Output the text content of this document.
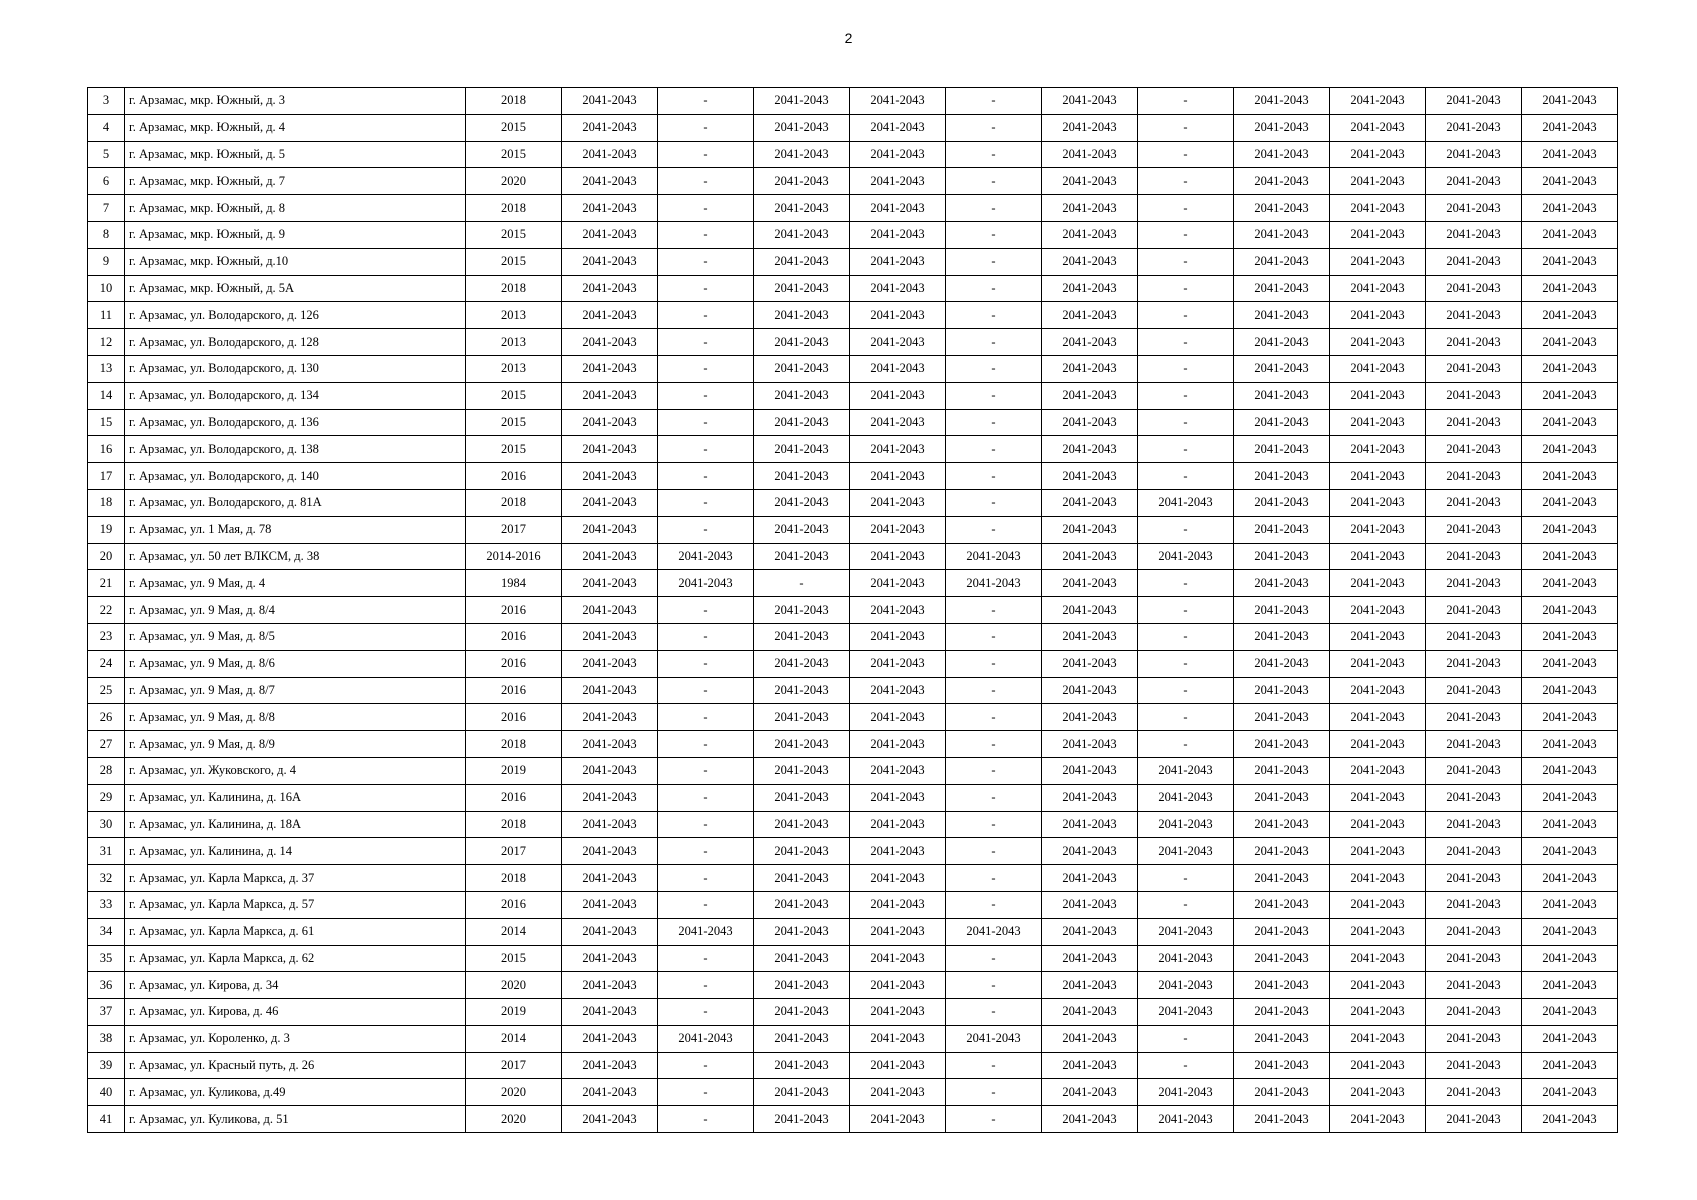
2
3	г. Арзамас, мкр. Южный, д. 3	2018	2041-2043	-	2041-2043	2041-2043	-	2041-2043	-	2041-2043	2041-2043	2041-2043	2041-2043
4	г. Арзамас, мкр. Южный, д. 4	2015	2041-2043	-	2041-2043	2041-2043	-	2041-2043	-	2041-2043	2041-2043	2041-2043	2041-2043
5	г. Арзамас, мкр. Южный, д. 5	2015	2041-2043	-	2041-2043	2041-2043	-	2041-2043	-	2041-2043	2041-2043	2041-2043	2041-2043
6	г. Арзамас, мкр. Южный, д. 7	2020	2041-2043	-	2041-2043	2041-2043	-	2041-2043	-	2041-2043	2041-2043	2041-2043	2041-2043
7	г. Арзамас, мкр. Южный, д. 8	2018	2041-2043	-	2041-2043	2041-2043	-	2041-2043	-	2041-2043	2041-2043	2041-2043	2041-2043
8	г. Арзамас, мкр. Южный, д. 9	2015	2041-2043	-	2041-2043	2041-2043	-	2041-2043	-	2041-2043	2041-2043	2041-2043	2041-2043
9	г. Арзамас, мкр. Южный, д.10	2015	2041-2043	-	2041-2043	2041-2043	-	2041-2043	-	2041-2043	2041-2043	2041-2043	2041-2043
10	г. Арзамас, мкр. Южный, д. 5А	2018	2041-2043	-	2041-2043	2041-2043	-	2041-2043	-	2041-2043	2041-2043	2041-2043	2041-2043
11	г. Арзамас, ул. Володарского, д. 126	2013	2041-2043	-	2041-2043	2041-2043	-	2041-2043	-	2041-2043	2041-2043	2041-2043	2041-2043
12	г. Арзамас, ул. Володарского, д. 128	2013	2041-2043	-	2041-2043	2041-2043	-	2041-2043	-	2041-2043	2041-2043	2041-2043	2041-2043
13	г. Арзамас, ул. Володарского, д. 130	2013	2041-2043	-	2041-2043	2041-2043	-	2041-2043	-	2041-2043	2041-2043	2041-2043	2041-2043
14	г. Арзамас, ул. Володарского, д. 134	2015	2041-2043	-	2041-2043	2041-2043	-	2041-2043	-	2041-2043	2041-2043	2041-2043	2041-2043
15	г. Арзамас, ул. Володарского, д. 136	2015	2041-2043	-	2041-2043	2041-2043	-	2041-2043	-	2041-2043	2041-2043	2041-2043	2041-2043
16	г. Арзамас, ул. Володарского, д. 138	2015	2041-2043	-	2041-2043	2041-2043	-	2041-2043	-	2041-2043	2041-2043	2041-2043	2041-2043
17	г. Арзамас, ул. Володарского, д. 140	2016	2041-2043	-	2041-2043	2041-2043	-	2041-2043	-	2041-2043	2041-2043	2041-2043	2041-2043
18	г. Арзамас, ул. Володарского, д. 81А	2018	2041-2043	-	2041-2043	2041-2043	-	2041-2043	2041-2043	2041-2043	2041-2043	2041-2043	2041-2043
19	г. Арзамас, ул. 1 Мая, д. 78	2017	2041-2043	-	2041-2043	2041-2043	-	2041-2043	-	2041-2043	2041-2043	2041-2043	2041-2043
20	г. Арзамас, ул. 50 лет ВЛКСМ, д. 38	2014-2016	2041-2043	2041-2043	2041-2043	2041-2043	2041-2043	2041-2043	2041-2043	2041-2043	2041-2043	2041-2043	2041-2043
21	г. Арзамас, ул. 9 Мая, д. 4	1984	2041-2043	2041-2043	-	2041-2043	2041-2043	2041-2043	-	2041-2043	2041-2043	2041-2043	2041-2043
22	г. Арзамас, ул. 9 Мая, д. 8/4	2016	2041-2043	-	2041-2043	2041-2043	-	2041-2043	-	2041-2043	2041-2043	2041-2043	2041-2043
23	г. Арзамас, ул. 9 Мая, д. 8/5	2016	2041-2043	-	2041-2043	2041-2043	-	2041-2043	-	2041-2043	2041-2043	2041-2043	2041-2043
24	г. Арзамас, ул. 9 Мая, д. 8/6	2016	2041-2043	-	2041-2043	2041-2043	-	2041-2043	-	2041-2043	2041-2043	2041-2043	2041-2043
25	г. Арзамас, ул. 9 Мая, д. 8/7	2016	2041-2043	-	2041-2043	2041-2043	-	2041-2043	-	2041-2043	2041-2043	2041-2043	2041-2043
26	г. Арзамас, ул. 9 Мая, д. 8/8	2016	2041-2043	-	2041-2043	2041-2043	-	2041-2043	-	2041-2043	2041-2043	2041-2043	2041-2043
27	г. Арзамас, ул. 9 Мая, д. 8/9	2018	2041-2043	-	2041-2043	2041-2043	-	2041-2043	-	2041-2043	2041-2043	2041-2043	2041-2043
28	г. Арзамас, ул. Жуковского, д. 4	2019	2041-2043	-	2041-2043	2041-2043	-	2041-2043	2041-2043	2041-2043	2041-2043	2041-2043	2041-2043
29	г. Арзамас, ул. Калинина, д. 16А	2016	2041-2043	-	2041-2043	2041-2043	-	2041-2043	2041-2043	2041-2043	2041-2043	2041-2043	2041-2043
30	г. Арзамас, ул. Калинина, д. 18А	2018	2041-2043	-	2041-2043	2041-2043	-	2041-2043	2041-2043	2041-2043	2041-2043	2041-2043	2041-2043
31	г. Арзамас, ул. Калинина, д. 14	2017	2041-2043	-	2041-2043	2041-2043	-	2041-2043	2041-2043	2041-2043	2041-2043	2041-2043	2041-2043
32	г. Арзамас, ул. Карла Маркса, д. 37	2018	2041-2043	-	2041-2043	2041-2043	-	2041-2043	-	2041-2043	2041-2043	2041-2043	2041-2043
33	г. Арзамас, ул. Карла Маркса, д. 57	2016	2041-2043	-	2041-2043	2041-2043	-	2041-2043	-	2041-2043	2041-2043	2041-2043	2041-2043
34	г. Арзамас, ул. Карла Маркса, д. 61	2014	2041-2043	2041-2043	2041-2043	2041-2043	2041-2043	2041-2043	2041-2043	2041-2043	2041-2043	2041-2043	2041-2043
35	г. Арзамас, ул. Карла Маркса, д. 62	2015	2041-2043	-	2041-2043	2041-2043	-	2041-2043	2041-2043	2041-2043	2041-2043	2041-2043	2041-2043
36	г. Арзамас, ул. Кирова, д. 34	2020	2041-2043	-	2041-2043	2041-2043	-	2041-2043	2041-2043	2041-2043	2041-2043	2041-2043	2041-2043
37	г. Арзамас, ул. Кирова, д. 46	2019	2041-2043	-	2041-2043	2041-2043	-	2041-2043	2041-2043	2041-2043	2041-2043	2041-2043	2041-2043
38	г. Арзамас, ул. Короленко, д. 3	2014	2041-2043	2041-2043	2041-2043	2041-2043	2041-2043	2041-2043	-	2041-2043	2041-2043	2041-2043	2041-2043
39	г. Арзамас, ул. Красный путь, д. 26	2017	2041-2043	-	2041-2043	2041-2043	-	2041-2043	-	2041-2043	2041-2043	2041-2043	2041-2043
40	г. Арзамас, ул. Куликова, д.49	2020	2041-2043	-	2041-2043	2041-2043	-	2041-2043	2041-2043	2041-2043	2041-2043	2041-2043	2041-2043
41	г. Арзамас, ул. Куликова, д. 51	2020	2041-2043	-	2041-2043	2041-2043	-	2041-2043	2041-2043	2041-2043	2041-2043	2041-2043	2041-2043
